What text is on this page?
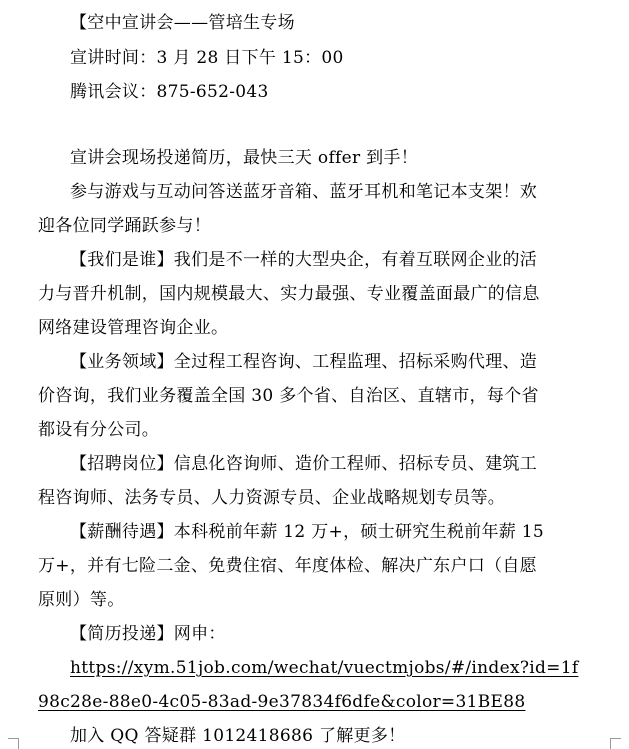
【空中宣讲会——管培生专场
宣讲时间：3 月 28 日下午 15：00
腾讯会议：875-652-043
宣讲会现场投递简历，最快三天 offer 到手！
参与游戏与互动问答送蓝牙音箱、蓝牙耳机和笔记本支架！欢
迎各位同学踊跃参与！
【我们是谁】我们是不一样的大型央企，有着互联网企业的活
力与晋升机制，国内规模最大、实力最强、专业覆盖面最广的信息
网络建设管理咨询企业。
【业务领域】全过程工程咨询、工程监理、招标采购代理、造
价咨询，我们业务覆盖全国 30 多个省、自治区、直辖市，每个省
都设有分公司。
【招聘岗位】信息化咨询师、造价工程师、招标专员、建筑工
程咨询师、法务专员、人力资源专员、企业战略规划专员等。
【薪酬待遇】本科税前年薪 12 万+，硕士研究生税前年薪 15
万+，并有七险二金、免费住宿、年度体检、解决广东户口（自愿
原则）等。
【简历投递】网申：
https://xym.51job.com/wechat/vuectmjobs/#/index?id=1f
98c28e-88e0-4c05-83ad-9e37834f6dfe&color=31BE88
加入 QQ 答疑群 1012418686 了解更多！
